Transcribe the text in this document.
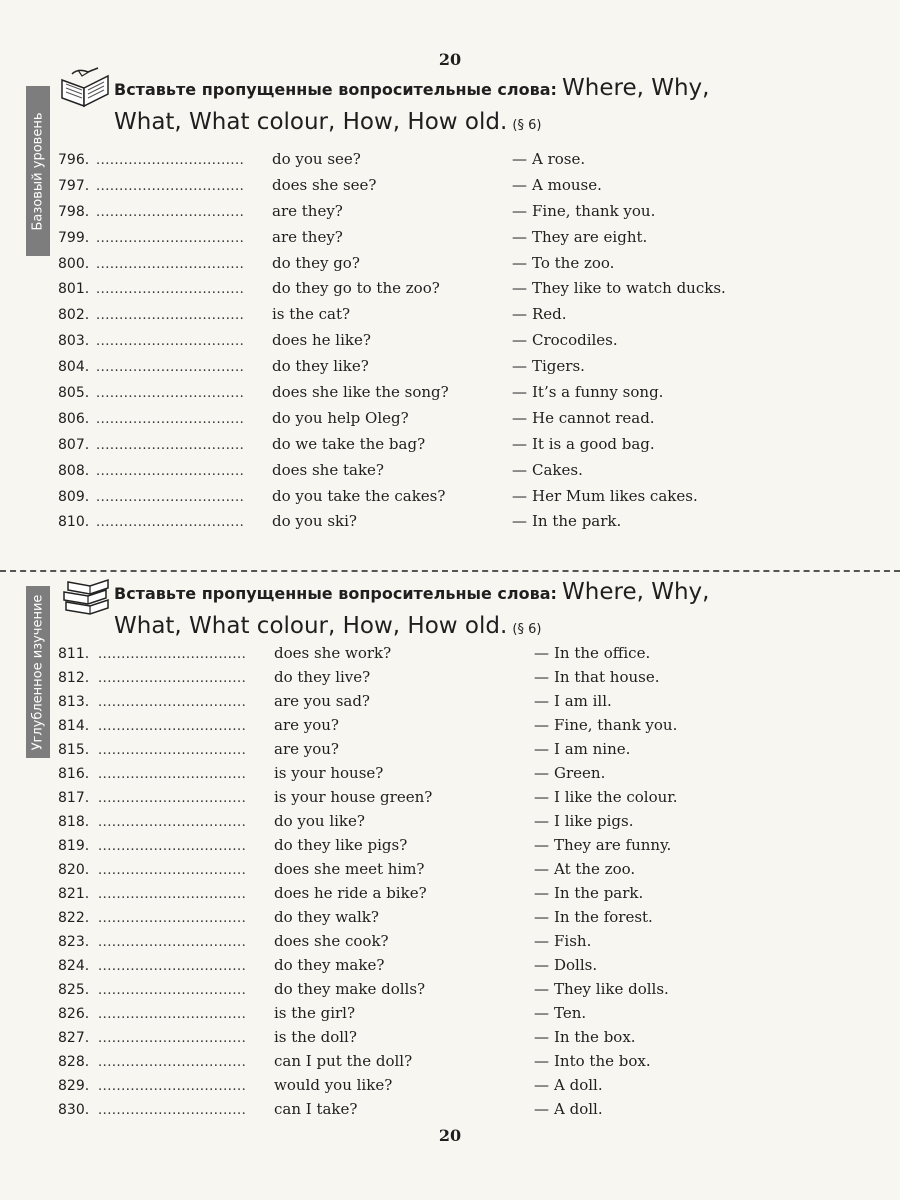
20
Базовый уровень
Вставьте пропущенные вопросительные слова: Where, Why,
What, What colour, How, How old. (§ 6)
796. ................................	do you see?	— A rose.
797. ................................	does she see?	— A mouse.
798. ................................	are they?	— Fine, thank you.
799. ................................	are they?	— They are eight.
800. ................................	do they go?	— To the zoo.
801. ................................	do they go to the zoo?	— They like to watch ducks.
802. ................................	is the cat?	— Red.
803. ................................	does he like?	— Crocodiles.
804. ................................	do they like?	— Tigers.
805. ................................	does she like the song?	— It’s a funny song.
806. ................................	do you help Oleg?	— He cannot read.
807. ................................	do we take the bag?	— It is a good bag.
808. ................................	does she take?	— Cakes.
809. ................................	do you take the cakes?	— Her Mum likes cakes.
810. ................................	do you ski?	— In the park.
Углубленное изучение
Вставьте пропущенные вопросительные слова: Where, Why,
What, What colour, How, How old. (§ 6)
811. ................................	does she work?	— In the office.
812. ................................	do they live?	— In that house.
813. ................................	are you sad?	— I am ill.
814. ................................	are you?	— Fine, thank you.
815. ................................	are you?	— I am nine.
816. ................................	is your house?	— Green.
817. ................................	is your house green?	— I like the colour.
818. ................................	do you like?	— I like pigs.
819. ................................	do they like pigs?	— They are funny.
820. ................................	does she meet him?	— At the zoo.
821. ................................	does he ride a bike?	— In the park.
822. ................................	do they walk?	— In the forest.
823. ................................	does she cook?	— Fish.
824. ................................	do they make?	— Dolls.
825. ................................	do they make dolls?	— They like dolls.
826. ................................	is the girl?	— Ten.
827. ................................	is the doll?	— In the box.
828. ................................	can I put the doll?	— Into the box.
829. ................................	would you like?	— A doll.
830. ................................	can I take?	— A doll.
20
